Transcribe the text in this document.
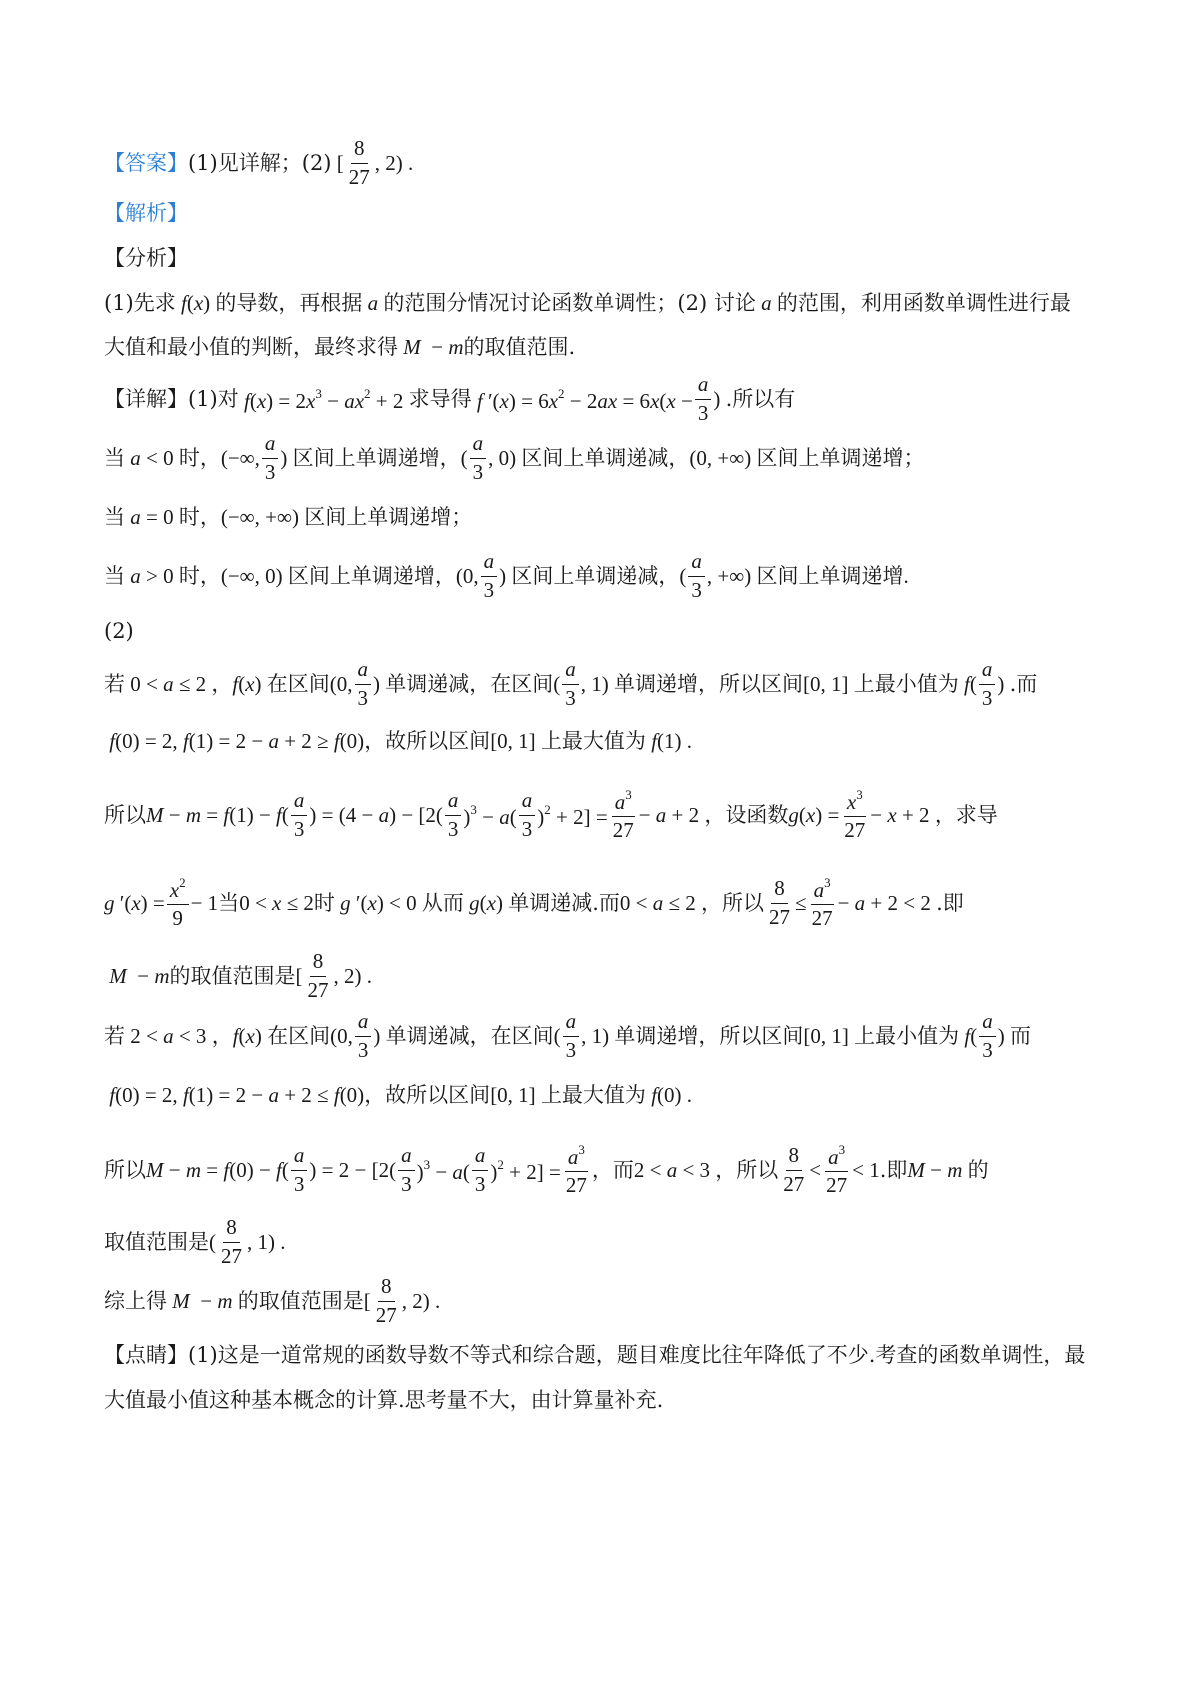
【答案】 (1)见详解；(2) [ $\frac{8}{27}$ , 2) .
【解析】
【分析】
(1)先求 f(x) 的导数，再根据 a 的范围分情况讨论函数单调性；(2) 讨论 a 的范围，利用函数单调性进行最
大值和最小值的判断，最终求得 M  − m 的取值范围.
【详解】 (1)对 $f(x) = 2x^3 - ax^2 + 2$ 求导得 f $'(x) = 6x^2 - 2ax = 6x(x - \frac{a}{3}$ ) .所以有
当 a < 0 时， (−∞, $\frac{a}{3}$ ) 区间上单调递增 ， ( $\frac{a}{3}$ , 0) 区间上单调递减 ， (0, +∞) 区间上单调递增 ；
当 a = 0 时， (−∞, +∞) 区间上单调递增 ；
当 a > 0 时， (−∞, 0) 区间上单调递增 ， (0, $\frac{a}{3}$ ) 区间上单调递减 ， ( $\frac{a}{3}$ , +∞) 区间上单调递增 .
(2)
若 0 < a ≤ 2 ， f(x) 在区间 (0, $\frac{a}{3}$ ) 单调递减，在区间 ( $\frac{a}{3}$ , 1) 单调递增，所以区间 [0, 1] 上最小值为 $f( \frac{a}{3}$ ) .而
f(0) = 2, f(1) = 2 − a + 2 ≥ f(0) ，故所以区间 [0, 1] 上最大值为 f(1) .
所以 $M - m = f(1) - f( \frac{a}{3}$ ) = $(4 - a) - [2( \frac{a}{3} )^3 - a( \frac{a}{3} )^2 + 2] = \frac{a^3}{27} - a + 2$ ，设函数 $g(x) = \frac{x^3}{27} - x + 2$ ，求导
g $'(x) = \frac{x^2}{9} - 1$ 当 0 < x ≤ 2 时 g ′(x) < 0 从而 g(x) 单调递减.而 0 < a ≤ 2 ，所以 $\frac{8}{27} \le \frac{a^3}{27} - a + 2 < 2$ .即
M  − m 的取值范围是 [ $\frac{8}{27}$ , 2) .
若 2 < a < 3 ， f(x) 在区间 (0, $\frac{a}{3}$ ) 单调递减，在区间 ( $\frac{a}{3}$ , 1) 单调递增，所以区间 [0, 1] 上最小值为 $f( \frac{a}{3}$ ) 而
f(0) = 2, f(1) = 2 − a + 2 ≤ f(0) ，故所以区间 [0, 1] 上最大值为 f(0) .
所以 $M - m = f(0) - f( \frac{a}{3}$ ) = $2 - [2( \frac{a}{3} )^3 - a( \frac{a}{3} )^2 + 2] = \frac{a^3}{27}$ ，而 2 < a < 3 ，所以 $\frac{8}{27} < \frac{a^3}{27} < 1$ .即 M − m 的
取值范围是 ( $\frac{8}{27}$ , 1) .
综上得 M  − m 的取值范围是 [ $\frac{8}{27}$ , 2) .
【点睛】 (1)这是一道常规的函数导数不等式和综合题，题目难度比往年降低了不少.考查的函数单调性，最
大值最小值这种基本概念的计算.思考量不大，由计算量补充.
